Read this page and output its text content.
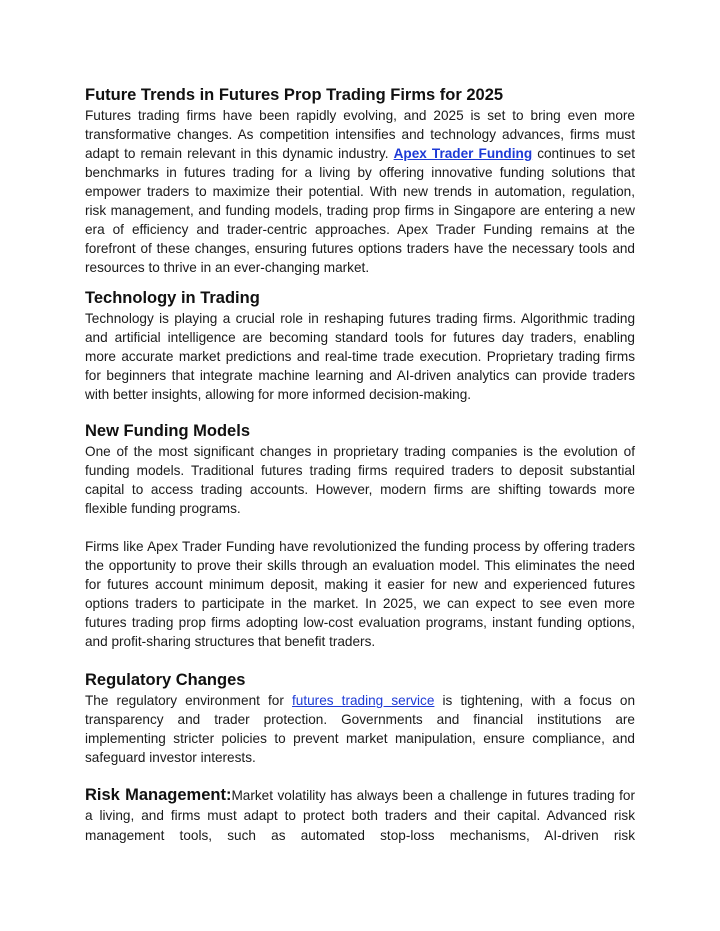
Future Trends in Futures Prop Trading Firms for 2025

Futures trading firms have been rapidly evolving, and 2025 is set to bring even more transformative changes. As competition intensifies and technology advances, firms must adapt to remain relevant in this dynamic industry. Apex Trader Funding continues to set benchmarks in futures trading for a living by offering innovative funding solutions that empower traders to maximize their potential. With new trends in automation, regulation, risk management, and funding models, trading prop firms in Singapore are entering a new era of efficiency and trader-centric approaches. Apex Trader Funding remains at the forefront of these changes, ensuring futures options traders have the necessary tools and resources to thrive in an ever-changing market.

Technology in Trading

Technology is playing a crucial role in reshaping futures trading firms. Algorithmic trading and artificial intelligence are becoming standard tools for futures day traders, enabling more accurate market predictions and real-time trade execution. Proprietary trading firms for beginners that integrate machine learning and AI-driven analytics can provide traders with better insights, allowing for more informed decision-making.

New Funding Models

One of the most significant changes in proprietary trading companies is the evolution of funding models. Traditional futures trading firms required traders to deposit substantial capital to access trading accounts. However, modern firms are shifting towards more flexible funding programs.

Firms like Apex Trader Funding have revolutionized the funding process by offering traders the opportunity to prove their skills through an evaluation model. This eliminates the need for futures account minimum deposit, making it easier for new and experienced futures options traders to participate in the market. In 2025, we can expect to see even more futures trading prop firms adopting low-cost evaluation programs, instant funding options, and profit-sharing structures that benefit traders.

Regulatory Changes

The regulatory environment for futures trading service is tightening, with a focus on transparency and trader protection. Governments and financial institutions are implementing stricter policies to prevent market manipulation, ensure compliance, and safeguard investor interests.

Risk Management:Market volatility has always been a challenge in futures trading for a living, and firms must adapt to protect both traders and their capital. Advanced risk management tools, such as automated stop-loss mechanisms, AI-driven risk
